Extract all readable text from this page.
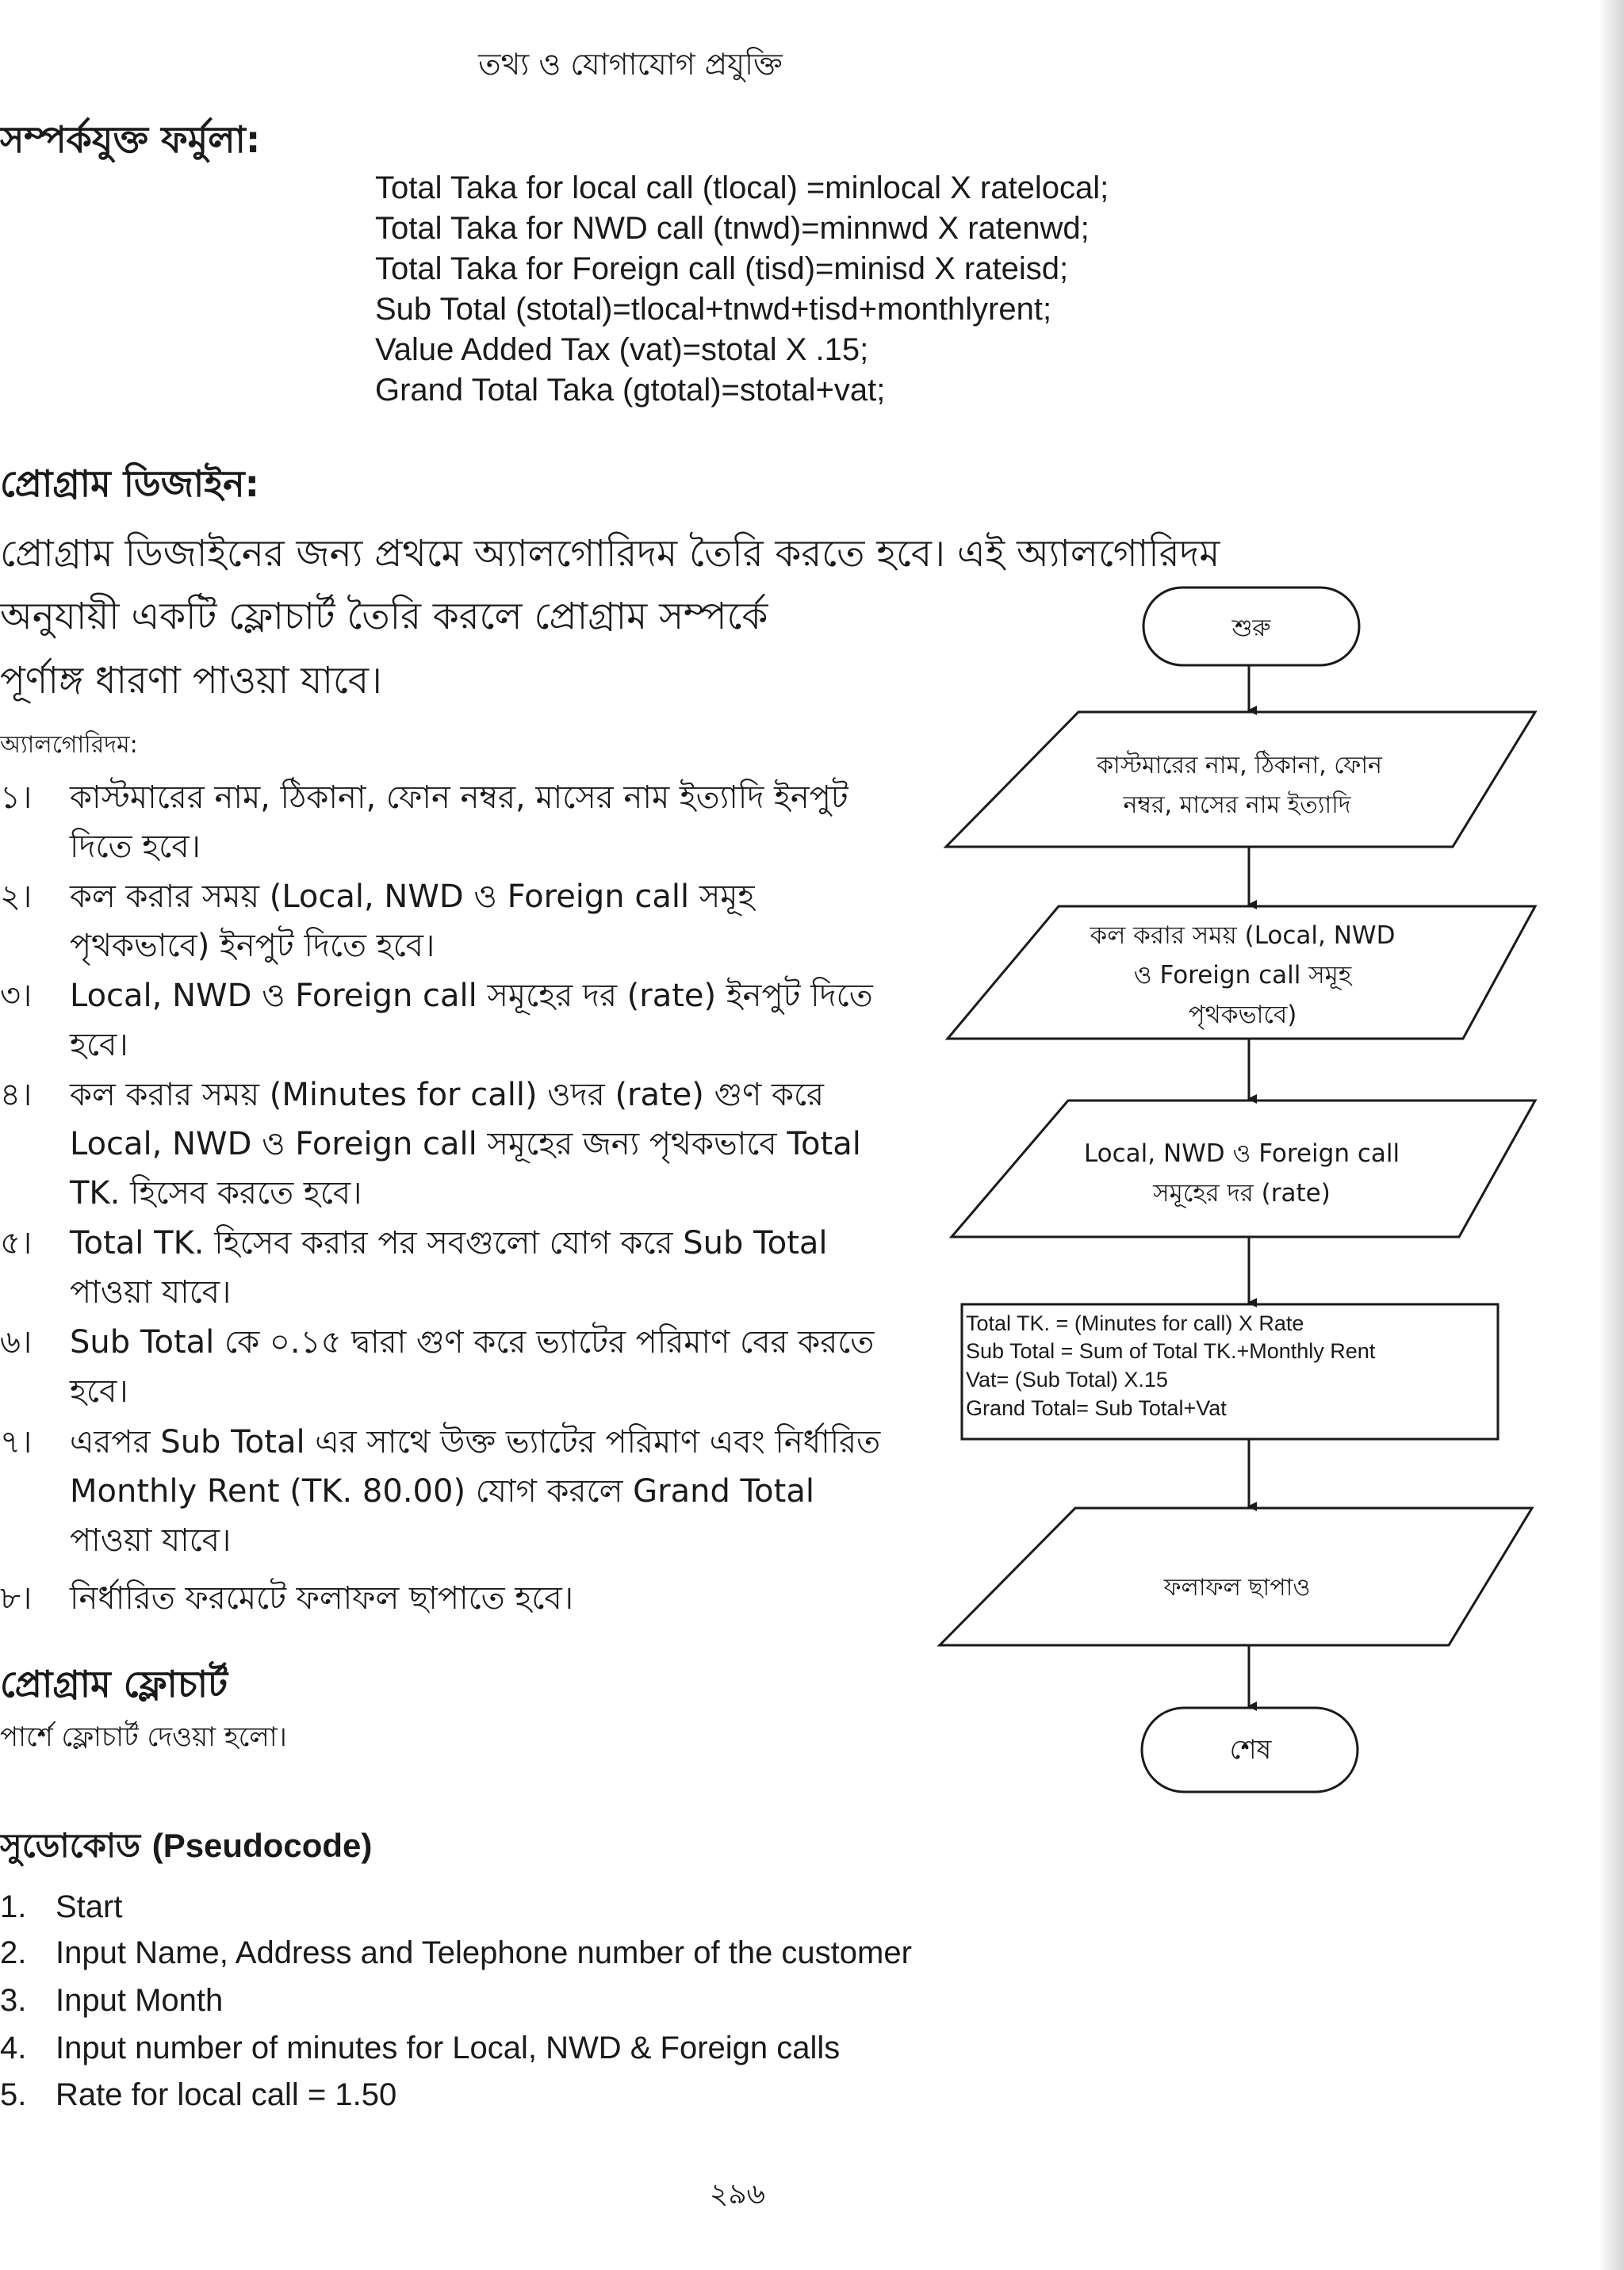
তথ্য ও যোগাযোগ প্রযুক্তি
সম্পর্কযুক্ত ফর্মুলা:
Total Taka for local call (tlocal) =minlocal X ratelocal;
Total Taka for NWD call (tnwd)=minnwd X ratenwd;
Total Taka for Foreign call (tisd)=minisd X rateisd;
Sub Total (stotal)=tlocal+tnwd+tisd+monthlyrent;
Value Added Tax (vat)=stotal X .15;
Grand Total Taka (gtotal)=stotal+vat;
প্রোগ্রাম ডিজাইন:
প্রোগ্রাম ডিজাইনের জন্য প্রথমে অ্যালগোরিদম তৈরি করতে হবে। এই অ্যালগোরিদম
অনুযায়ী একটি ফ্লোচার্ট তৈরি করলে প্রোগ্রাম সম্পর্কে
পূর্ণাঙ্গ ধারণা পাওয়া যাবে।
অ্যালগোরিদম:
১।	কাস্টমারের নাম, ঠিকানা, ফোন নম্বর, মাসের নাম ইত্যাদি ইনপুট
দিতে হবে।
২।	কল করার সময় (Local, NWD ও Foreign call সমূহ
পৃথকভাবে) ইনপুট দিতে হবে।
৩।	Local, NWD ও Foreign call সমূহের দর (rate) ইনপুট দিতে
হবে।
৪।	কল করার সময় (Minutes for call) ওদর (rate) গুণ করে
Local, NWD ও Foreign call সমূহের জন্য পৃথকভাবে Total
TK. হিসেব করতে হবে।
৫।	Total TK. হিসেব করার পর সবগুলো যোগ করে Sub Total
পাওয়া যাবে।
৬।	Sub Total কে ০.১৫ দ্বারা গুণ করে ভ্যাটের পরিমাণ বের করতে
হবে।
৭।	এরপর Sub Total এর সাথে উক্ত ভ্যাটের পরিমাণ এবং নির্ধারিত
Monthly Rent (TK. 80.00) যোগ করলে Grand Total
পাওয়া যাবে।
৮।	নির্ধারিত ফরমেটে ফলাফল ছাপাতে হবে।
প্রোগ্রাম ফ্লোচার্ট
পার্শে ফ্লোচার্ট দেওয়া হলো।
সুডোকোড (Pseudocode)
1. Start
2. Input Name, Address and Telephone number of the customer
3. Input Month
4. Input number of minutes for Local, NWD & Foreign calls
5. Rate for local call = 1.50
২৯৬
শুরু
কাস্টমারের নাম, ঠিকানা, ফোন
নম্বর, মাসের নাম ইত্যাদি
কল করার সময় (Local, NWD
ও Foreign call সমূহ
পৃথকভাবে)
Local, NWD ও Foreign call
সমূহের দর (rate)
Total TK. = (Minutes for call) X Rate
Sub Total = Sum of Total TK.+Monthly Rent
Vat= (Sub Total) X.15
Grand Total= Sub Total+Vat
ফলাফল ছাপাও
শেষ
